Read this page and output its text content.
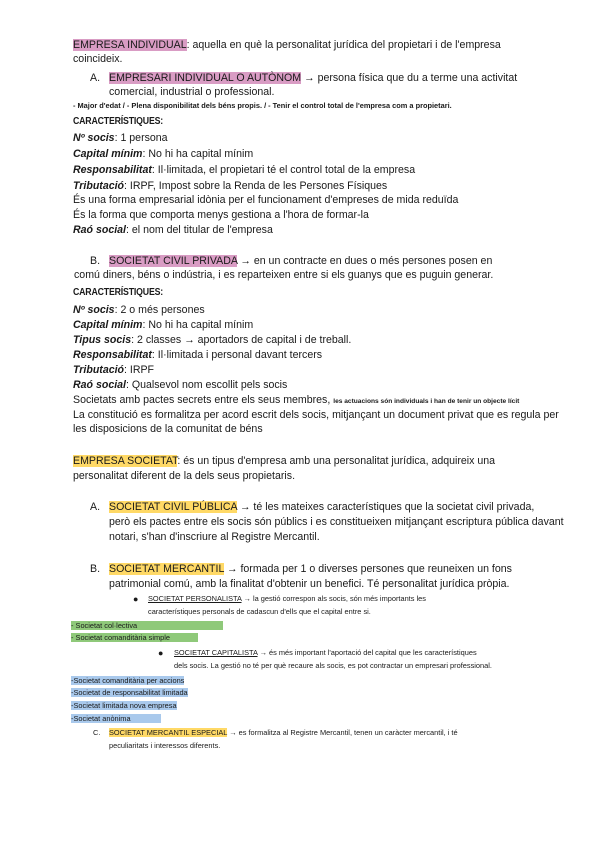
EMPRESA INDIVIDUAL: aquella en què la personalitat jurídica del propietari i de l'empresa
coincideix.
A. EMPRESARI INDIVIDUAL O AUTÒNOM → persona física que du a terme una activitat
comercial, industrial o professional.
- Major d'edat / - Plena disponibilitat dels béns propis. / - Tenir el control total de l'empresa com a propietari.
CARACTERÍSTIQUES:
Nº socis: 1 persona
Capital mínim: No hi ha capital mínim
Responsabilitat: Il·limitada, el propietari té el control total de la empresa
Tributació: IRPF, Impost sobre la Renda de les Persones Físiques
És una forma empresarial idònia per el funcionament d'empreses de mida reduïda
És la forma que comporta menys gestiona a l'hora de formar-la
Raó social: el nom del titular de l'empresa
B. SOCIETAT CIVIL PRIVADA → en un contracte en dues o més persones posen en
comú diners, béns o indústria, i es reparteixen entre si els guanys que es puguin generar.
CARACTERÍSTIQUES:
Nº socis: 2 o més persones
Capital mínim: No hi ha capital mínim
Tipus socis: 2 classes → aportadors de capital i de treball.
Responsabilitat: Il·limitada i personal davant tercers
Tributació: IRPF
Raó social: Qualsevol nom escollit pels socis
Societats amb pactes secrets entre els seus membres, les actuacions són individuals i han de tenir un objecte lícit
La constitució es formalitza per acord escrit dels socis, mitjançant un document privat que es regula per
les disposicions de la comunitat de béns
EMPRESA SOCIETAT: és un tipus d'empresa amb una personalitat jurídica, adquireix una
personalitat diferent de la dels seus propietaris.
A. SOCIETAT CIVIL PÚBLICA → té les mateixes característiques que la societat civil privada,
però els pactes entre els socis són públics i es constitueixen mitjançant escriptura pública davant
notari, s'han d'inscriure al Registre Mercantil.
B. SOCIETAT MERCANTIL → formada per 1 o diverses persones que reuneixen un fons
patrimonial comú, amb la finalitat d'obtenir un benefici. Té personalitat jurídica pròpia.
● SOCIETAT PERSONALISTA → la gestió correspon als socis, són més importants les
característiques personals de cadascun d'ells que el capital entre si.
- Societat col·lectiva
- Societat comanditària simple
● SOCIETAT CAPITALISTA → és més important l'aportació del capital que les característiques
dels socis. La gestió no té per què recaure als socis, es pot contractar un empresari professional.
-Societat comanditària per accions
-Societat de responsabilitat limitada
-Societat limitada nova empresa
-Societat anònima
C. SOCIETAT MERCANTIL ESPECIAL → es formalitza al Registre Mercantil, tenen un caràcter mercantil, i té
peculiaritats i interessos diferents.
